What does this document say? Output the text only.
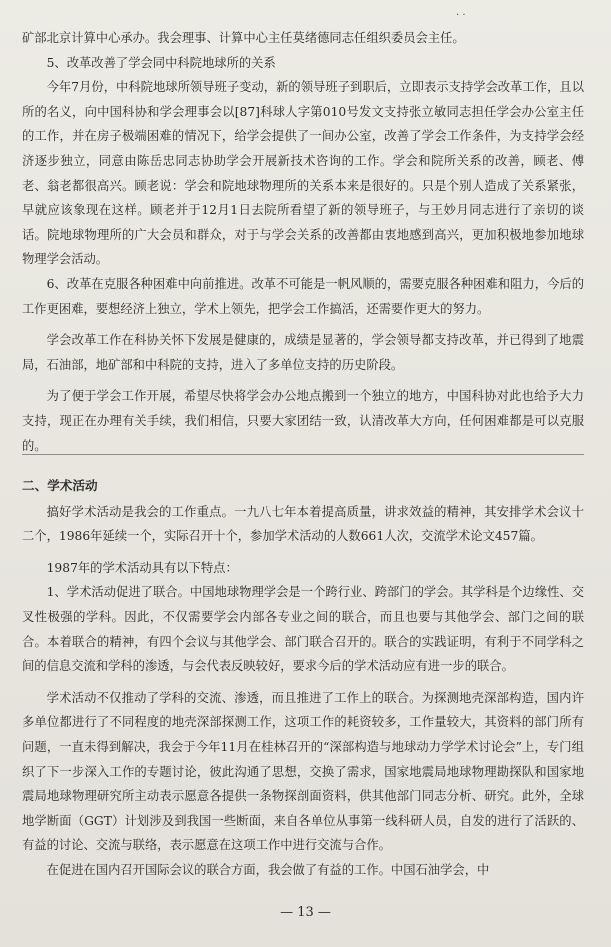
· ·

矿部北京计算中心承办。我会理事、计算中心主任莫绪德同志任组织委员会主任。

5、改革改善了学会同中科院地球所的关系

今年7月份，中科院地球所领导班子变动，新的领导班子到职后，立即表示支持学会改革工作，且以所的名义，向中国科协和学会理事会以[87]科球人字第010号发文支持张立敏同志担任学会办公室主任的工作，并在房子极端困难的情况下，给学会提供了一间办公室，改善了学会工作条件，为支持学会经济逐步独立，同意由陈岳忠同志协助学会开展新技术咨询的工作。学会和院所关系的改善，顾老、傅老、翁老都很高兴。顾老说：学会和院地球物理所的关系本来是很好的。只是个别人造成了关系紧张，早就应该象现在这样。顾老并于12月1日去院所看望了新的领导班子，与王妙月同志进行了亲切的谈话。院地球物理所的广大会员和群众，对于与学会关系的改善都由衷地感到高兴，更加积极地参加地球物理学会活动。

6、改革在克服各种困难中向前推进。改革不可能是一帆风顺的，需要克服各种困难和阻力，今后的工作更困难，要想经济上独立，学术上领先，把学会工作搞活，还需要作更大的努力。

学会改革工作在科协关怀下发展是健康的，成绩是显著的，学会领导都支持改革，并已得到了地震局，石油部，地矿部和中科院的支持，进入了多单位支持的历史阶段。

为了便于学会工作开展，希望尽快将学会办公地点搬到一个独立的地方，中国科协对此也给予大力支持，现正在办理有关手续，我们相信，只要大家团结一致，认清改革大方向，任何困难都是可以克服的。

二、学术活动

搞好学术活动是我会的工作重点。一九八七年本着提高质量，讲求效益的精神，其安排学术会议十二个，1986年延续一个，实际召开十个，参加学术活动的人数661人次，交流学术论文457篇。

1987年的学术活动具有以下特点：

1、学术活动促进了联合。中国地球物理学会是一个跨行业、跨部门的学会。其学科是个边缘性、交叉性极强的学科。因此，不仅需要学会内部各专业之间的联合，而且也要与其他学会、部门之间的联合。本着联合的精神，有四个会议与其他学会、部门联合召开的。联合的实践证明，有利于不同学科之间的信息交流和学科的渗透，与会代表反映较好，要求今后的学术活动应有进一步的联合。

学术活动不仅推动了学科的交流、渗透，而且推进了工作上的联合。为探测地壳深部构造，国内许多单位都进行了不同程度的地壳深部探测工作，这项工作的耗资较多，工作量较大，其资料的部门所有问题，一直未得到解决，我会于今年11月在桂林召开的“深部构造与地球动力学学术讨论会”上，专门组织了下一步深入工作的专题讨论，彼此沟通了思想，交换了需求，国家地震局地球物理勘探队和国家地震局地球物理研究所主动表示愿意各提供一条物探剖面资料，供其他部门同志分析、研究。此外，全球地学断面（GGT）计划涉及到我国一些断面，来自各单位从事第一线科研人员，自发的进行了活跃的、有益的讨论、交流与联络，表示愿意在这项工作中进行交流与合作。

在促进在国内召开国际会议的联合方面，我会做了有益的工作。中国石油学会，中

— 13 —
